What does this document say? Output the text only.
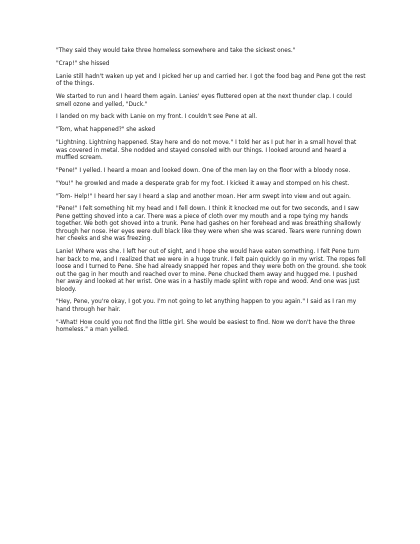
"They said they would take three homeless somewhere and take the sickest ones."

"Crap!" she hissed

Lanie still hadn't waken up yet and I picked her up and carried her. I got the food bag and Pene got the rest of the things.

We started to run and I heard them again. Lanies' eyes fluttered open at the next thunder clap. I could smell ozone and yelled, "Duck."

I landed on my back with Lanie on my front. I couldn't see Pene at all.

"Tom, what happened?" she asked

"Lightning. Lightning happened. Stay here and do not move." I told her as I put her in a small hovel that was covered in metal. She nodded and stayed consoled with our things. I looked around and heard a muffled scream.

"Pene!" I yelled. I heard a moan and looked down. One of the men lay on the floor with a bloody nose.

"You!" he growled and made a desperate grab for my foot. I kicked it away and stomped on his chest.

"Tom- Help!" I heard her say I heard a slap and another moan. Her arm swept into view and out again.

"Pene!" I felt something hit my head and I fell down. I think it knocked me out for two seconds, and I saw Pene getting shoved into a car. There was a piece of cloth over my mouth and a rope tying my hands together. We both got shoved into a trunk. Pene had gashes on her forehead and was breathing shallowly through her nose. Her eyes were dull black like they were when she was scared. Tears were running down her cheeks and she was freezing.

Lanie! Where was she. I left her out of sight, and I hope she would have eaten something. I felt Pene turn her back to me, and I realized that we were in a huge trunk. I felt pain quickly go in my wrist. The ropes fell loose and I turned to Pene. She had already snapped her ropes and they were both on the ground. she took out the gag in her mouth and reached over to mine. Pene chucked them away and hugged me. I pushed her away and looked at her wrist. One was in a hastily made splint with rope and wood. And one was just bloody.

"Hey, Pene, you're okay, I got you. I'm not going to let anything happen to you again." I said as I ran my hand through her hair.

"-What! How could you not find the little girl. She would be easiest to find. Now we don't have the three homeless." a man yelled.
